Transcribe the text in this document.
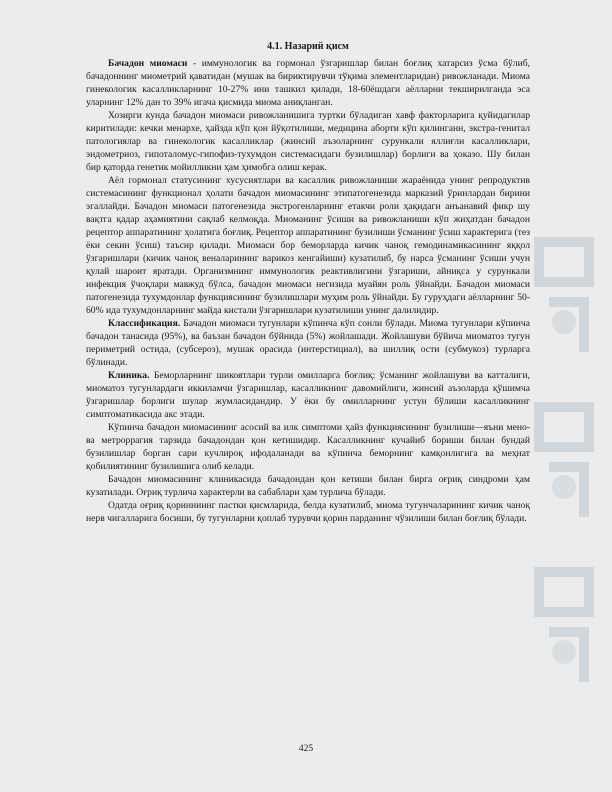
4.1. Назарий қисм

Бачадон миомаси - иммунологик ва гормонал ўзгаришлар билан боғлиқ хатарсиз ўсма бўлиб, бачадоннинг миометрий қаватидан (мушак ва бириктирувчи тўқима элементларидан) ривожланади. Миома гинекологик касалликларнинг 10-27% ини ташкил қилади, 18-60ёшдаги аёлларни текширилганда эса уларнинг 12% дан то 39% игача қисмида миома аниқланган.

Хозирги кунда бачадон миомаси ривожланишига туртки бўладиган хавф факторларига қуйидагилар киритилади: кечки менархе, ҳайзда кўп қон йўқотилиши, медицина аборти кўп қилинганн, экстра-генитал патологиялар ва гинекологик касалликлар (жинсий аъзоларнинг сурункали яллиғли касалликлари, эндометриоз, гипоталомус-гипофиз-тухумдон системасидаги бузилишлар) борлиги ва ҳоказо. Шу билан бир қаторда генетик мойилликни ҳам ҳимобга олиш керак.

Аёл гормонал статусининг хусусиятлари ва касаллик ривожланиши жараёнида унинг репродуктив системасининг функционал ҳолати бачадон миомасининг этипатогенезида марказий ўринлардан бирини эгаллайди. Бачадон миомаси патогенезида экстрогенларнинг етакчи роли ҳақидаги анъанавий фикр шу вақтга қадар аҳамиятини сақлаб келмоқда. Миоманинг ўсиши ва ривожланиши кўп жиҳатдан бачадон рецептор аппаратининг ҳолатига боғлиқ. Рецептор аппаратининг бузилиши ўсманинг ўсиш характерига (тез ёки секин ўсиш) таъсир қилади. Миомаси бор беморларда кичик чаноқ гемодинамикасининг яққол ўзгаришлари (кичик чаноқ веналарининг варикоз кенгайиши) кузатилиб, бу нарса ўсманинг ўсиши учун қулай шароит яратади. Организмнинг иммунологик реактивлигини ўзгариши, айниқса у сурункали инфекция ўчоқлари мавжуд бўлса, бачадон миомаси негизида муайян роль ўйнайди. Бачадон миомаси патогенезида тухумдонлар функциясининг бузилишлари муҳим роль ўйнайди. Бу гуруҳдаги аёлларнинг 50-60% ида тухумдонларнинг майда кистали ўзгаришлари кузатилиши унинг далилидир.

Классификация. Бачадон миомаси тугунлари кўпинча кўп сонли бўлади. Миома тугунлари кўпинча бачадон танасида (95%), ва баъзан бачадон бўйнида (5%) жойлашади. Жойлашуви бўйича миоматоз тугун периметрий остида, (субсероз), мушак орасида (интерстициал), ва шиллиқ ости (субмукоз) турларга бўлинади.

Клиника. Беморларнинг шикоятлари турли омилларга боғлиқ: ўсманинг жойлашуви ва катталиги, миоматоз тугунлардаги иккиламчи ўзгаришлар, касалликнинг давомийлиги, жинсий аъзоларда қўшимча ўзгаришлар борлиги шулар жумласидандир. У ёки бу омилларнинг устун бўлиши касалликнинг симптоматикасида акс этади.

Кўпинча бачадон миомасининг асосий ва илк симптоми ҳайз функциясининг бузилиши—яъни мено- ва метроррагия тарзида бачадондан қон кетишидир. Касалликнинг кучайиб бориши билан бундай бузилишлар борган сари кучлироқ ифодаланади ва кўпинча беморнинг камқонлигига ва меҳнат қобилиятининг бузилишига олиб келади.

Бачадон миомасининг клиникасида бачадондан қон кетиши билан бирга оғриқ синдроми ҳам кузатилади. Оғриқ турлича характерли ва сабаблари ҳам турлича бўлади.

Одатда оғриқ қоринниинг пастки қисмларида, белда кузатилиб, миома тугунчаларининг кичик чаноқ нерв чигалларига босиши, бу тугунларни қоплаб турувчи қорин парданинг чўзилиши билан боғлиқ бўлади.

425
